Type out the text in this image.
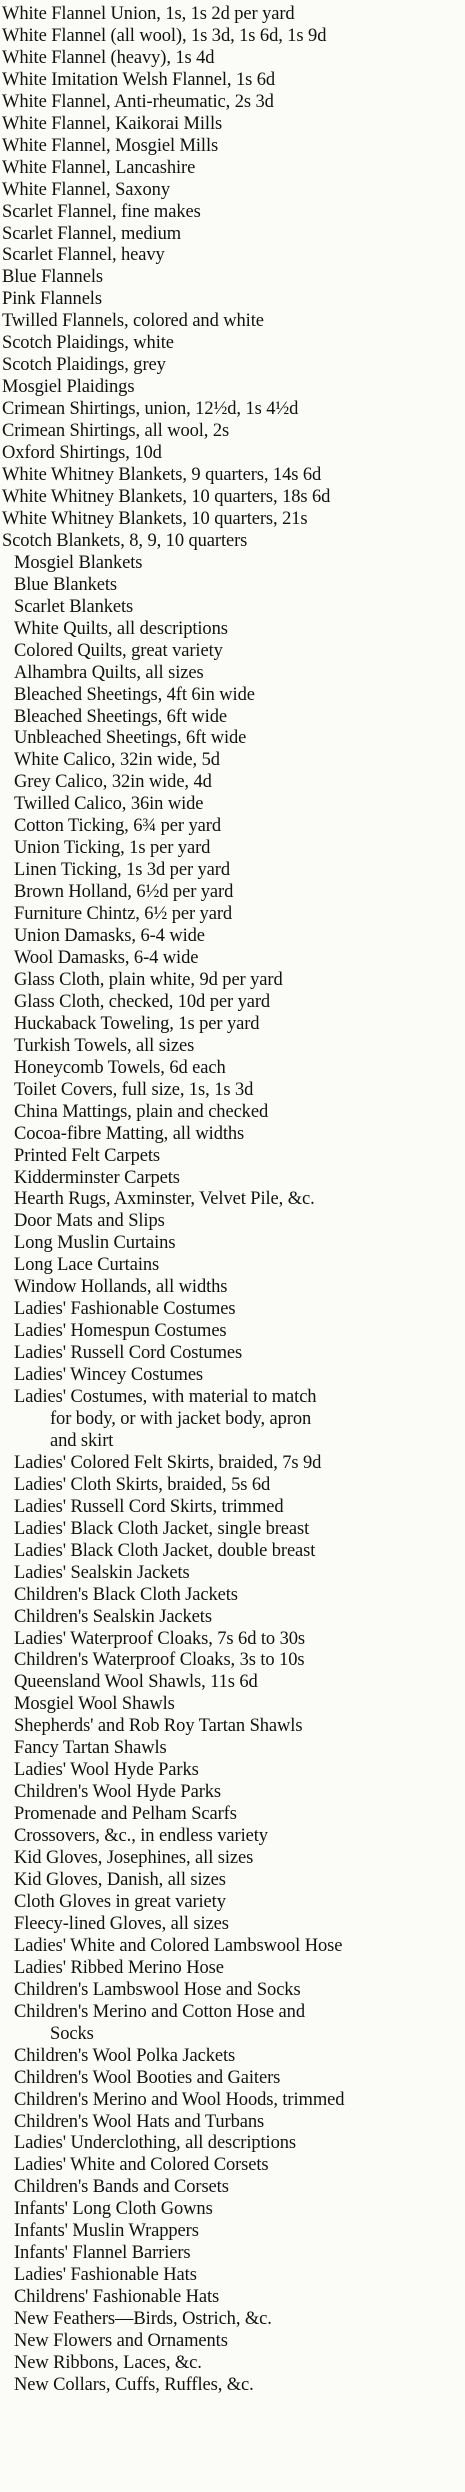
White Flannel Union, 1s, 1s 2d per yard

White Flannel (all wool), 1s 3d, 1s 6d, 1s 9d

White Flannel (heavy), 1s 4d

White Imitation Welsh Flannel, 1s 6d

White Flannel, Anti-rheumatic, 2s 3d

White Flannel, Kaikorai Mills

White Flannel, Mosgiel Mills

White Flannel, Lancashire

White Flannel, Saxony

Scarlet Flannel, fine makes

Scarlet Flannel, medium

Scarlet Flannel, heavy

Blue Flannels

Pink Flannels

Twilled Flannels, colored and white

Scotch Plaidings, white

Scotch Plaidings, grey

Mosgiel Plaidings

Crimean Shirtings, union, 12½d, 1s 4½d

Crimean Shirtings, all wool, 2s

Oxford Shirtings, 10d

White Whitney Blankets, 9 quarters, 14s 6d

White Whitney Blankets, 10 quarters, 18s 6d

White Whitney Blankets, 10 quarters, 21s

Scotch Blankets, 8, 9, 10 quarters

Mosgiel Blankets

Blue Blankets

Scarlet Blankets

White Quilts, all descriptions

Colored Quilts, great variety

Alhambra Quilts, all sizes

Bleached Sheetings, 4ft 6in wide

Bleached Sheetings, 6ft wide

Unbleached Sheetings, 6ft wide

White Calico, 32in wide, 5d

Grey Calico, 32in wide, 4d

Twilled Calico, 36in wide

Cotton Ticking, 6¾ per yard

Union Ticking, 1s per yard

Linen Ticking, 1s 3d per yard

Brown Holland, 6½d per yard

Furniture Chintz, 6½ per yard

Union Damasks, 6-4 wide

Wool Damasks, 6-4 wide

Glass Cloth, plain white, 9d per yard

Glass Cloth, checked, 10d per yard

Huckaback Toweling, 1s per yard

Turkish Towels, all sizes

Honeycomb Towels, 6d each

Toilet Covers, full size, 1s, 1s 3d

China Mattings, plain and checked

Cocoa-fibre Matting, all widths

Printed Felt Carpets

Kidderminster Carpets

Hearth Rugs, Axminster, Velvet Pile, &c.

Door Mats and Slips

Long Muslin Curtains

Long Lace Curtains

Window Hollands, all widths

Ladies' Fashionable Costumes

Ladies' Homespun Costumes

Ladies' Russell Cord Costumes

Ladies' Wincey Costumes

Ladies' Costumes, with material to match
for body, or with jacket body, apron
and skirt

Ladies' Colored Felt Skirts, braided, 7s 9d

Ladies' Cloth Skirts, braided, 5s 6d

Ladies' Russell Cord Skirts, trimmed

Ladies' Black Cloth Jacket, single breast

Ladies' Black Cloth Jacket, double breast

Ladies' Sealskin Jackets

Children's Black Cloth Jackets

Children's Sealskin Jackets

Ladies' Waterproof Cloaks, 7s 6d to 30s

Children's Waterproof Cloaks, 3s to 10s

Queensland Wool Shawls, 11s 6d

Mosgiel Wool Shawls

Shepherds' and Rob Roy Tartan Shawls

Fancy Tartan Shawls

Ladies' Wool Hyde Parks

Children's Wool Hyde Parks

Promenade and Pelham Scarfs

Crossovers, &c., in endless variety

Kid Gloves, Josephines, all sizes

Kid Gloves, Danish, all sizes

Cloth Gloves in great variety

Fleecy-lined Gloves, all sizes

Ladies' White and Colored Lambswool Hose

Ladies' Ribbed Merino Hose

Children's Lambswool Hose and Socks

Children's Merino and Cotton Hose and
Socks

Children's Wool Polka Jackets

Children's Wool Booties and Gaiters

Children's Merino and Wool Hoods, trimmed

Children's Wool Hats and Turbans

Ladies' Underclothing, all descriptions

Ladies' White and Colored Corsets

Children's Bands and Corsets

Infants' Long Cloth Gowns

Infants' Muslin Wrappers

Infants' Flannel Barriers

Ladies' Fashionable Hats

Childrens' Fashionable Hats

New Feathers—Birds, Ostrich, &c.

New Flowers and Ornaments

New Ribbons, Laces, &c.

New Collars, Cuffs, Ruffles, &c.
